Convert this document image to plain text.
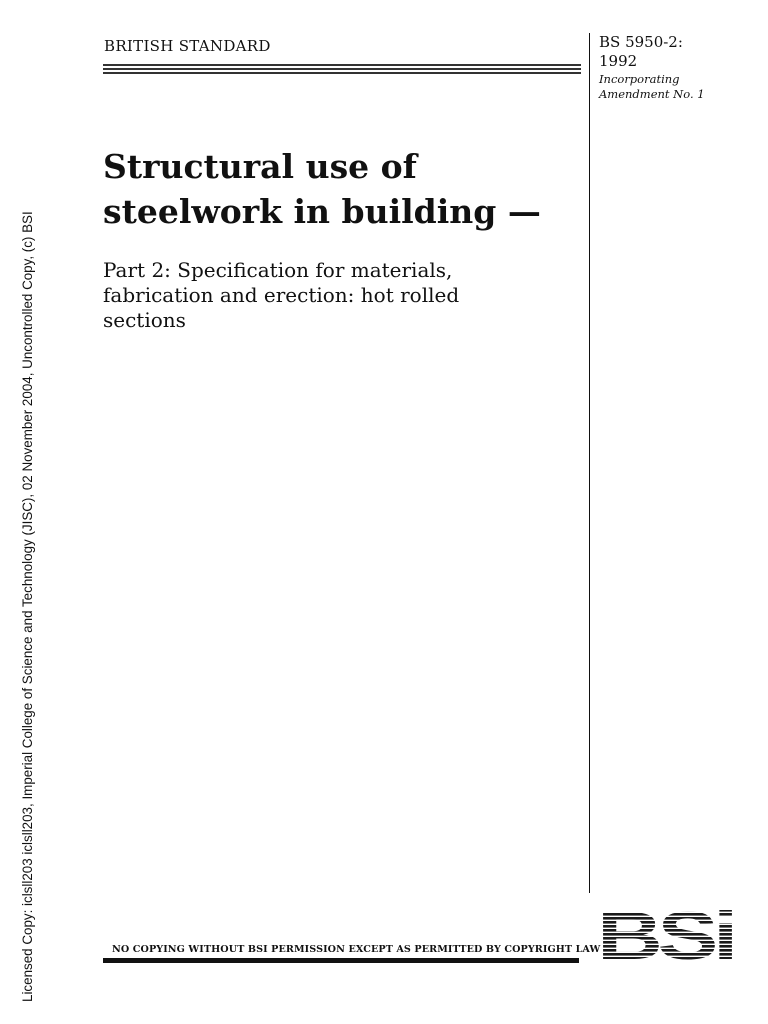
Licensed Copy: iclsll203 iclsll203, Imperial College of Science and Technology (JISC), 02 November 2004, Uncontrolled Copy, (c) BSI
BRITISH STANDARD	BS 5950-2:
1992
Incorporating
Amendment No. 1
Structural use of
steelwork in building —
Part 2: Specification for materials,
fabrication and erection: hot rolled
sections
NO COPYING WITHOUT BSI PERMISSION EXCEPT AS PERMITTED BY COPYRIGHT LAW
BSi
